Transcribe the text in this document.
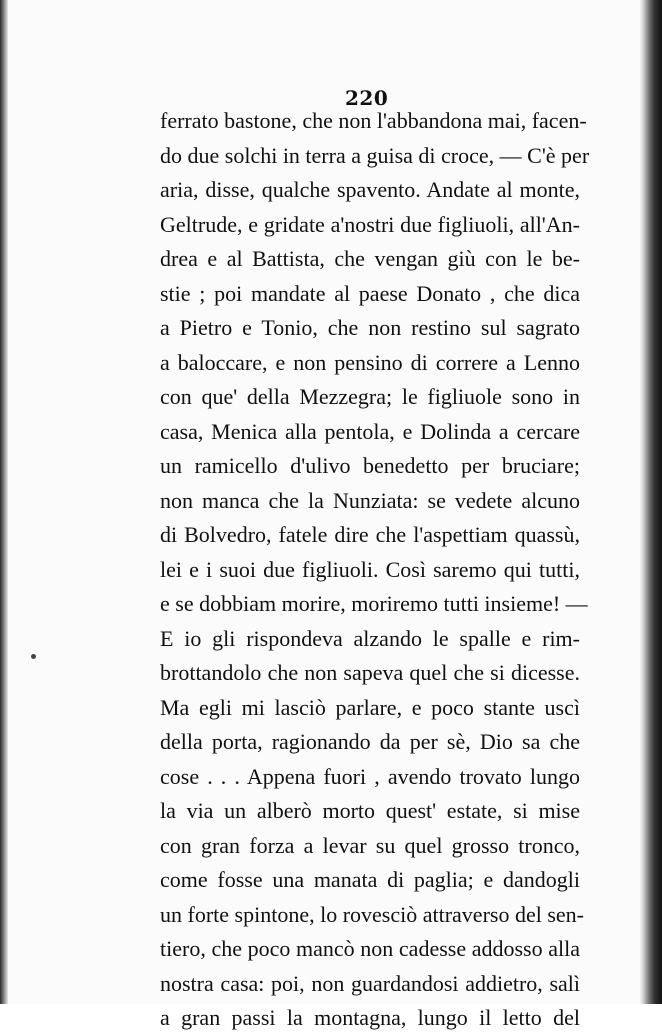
220
ferrato bastone, che non l'abbandona mai, facen-
do due solchi in terra a guisa di croce, — C'è per
aria, disse, qualche spavento. Andate al monte,
Geltrude, e gridate a'nostri due figliuoli, all'An-
drea e al Battista, che vengan giù con le be-
stie ; poi mandate al paese Donato , che dica
a Pietro e Tonio, che non restino sul sagrato
a baloccare, e non pensino di correre a Lenno
con que' della Mezzegra; le figliuole sono in
casa, Menica alla pentola, e Dolinda a cercare
un ramicello d'ulivo benedetto per bruciare;
non manca che la Nunziata: se vedete alcuno
di Bolvedro, fatele dire che l'aspettiam quassù,
lei e i suoi due figliuoli. Così saremo qui tutti,
e se dobbiam morire, moriremo tutti insieme! —
E io gli rispondeva alzando le spalle e rim-
brottandolo che non sapeva quel che si dicesse.
Ma egli mi lasciò parlare, e poco stante uscì
della porta, ragionando da per sè, Dio sa che
cose . . . Appena fuori , avendo trovato lungo
la via un alberò morto quest' estate, si mise
con gran forza a levar su quel grosso tronco,
come fosse una manata di paglia; e dandogli
un forte spintone, lo rovesciò attraverso del sen-
tiero, che poco mancò non cadesse addosso alla
nostra casa: poi, non guardandosi addietro, salì
a gran passi la montagna, lungo il letto del
